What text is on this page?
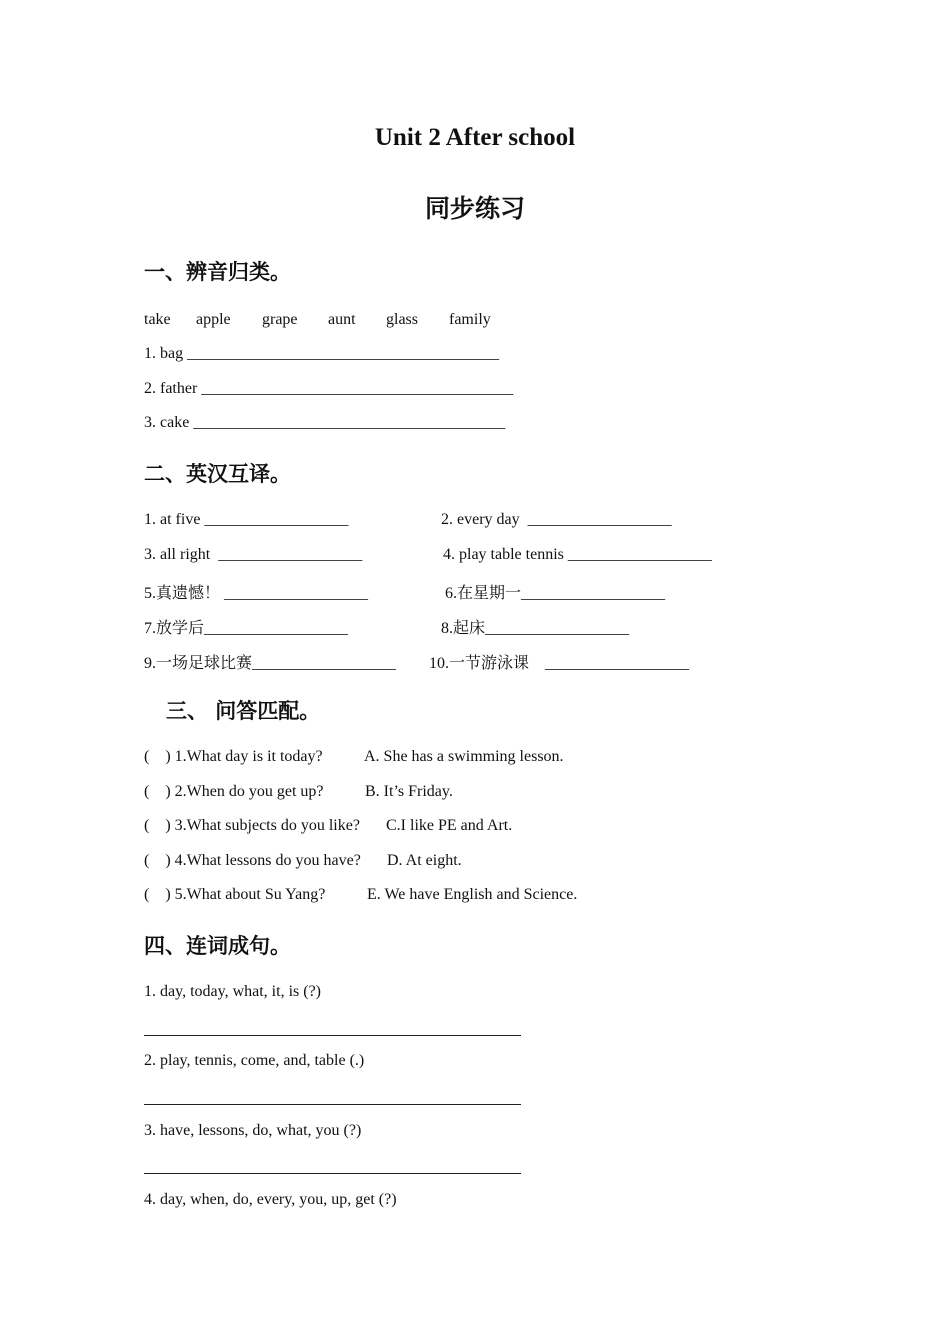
Unit 2 After school
同步练习
一、辨音归类。
take apple grape aunt glass family
1. bag _______________________________________
2. father _______________________________________
3. cake _______________________________________
二、英汉互译。
1. at five __________________	2. every day  __________________
3. all right  __________________	4. play table tennis __________________
5.真遗憾！ __________________	6.在星期一__________________
7.放学后__________________	8.起床__________________
9.一场足球比赛__________________ 10.一节游泳课    __________________
三、 问答匹配。
(    ) 1.What day is it today?	A. She has a swimming lesson.
(    ) 2.When do you get up?	B. It’s Friday.
(    ) 3.What subjects do you like? C.I like PE and Art.
(    ) 4.What lessons do you have? D. At eight.
(    ) 5.What about Su Yang?	E. We have English and Science.
四、连词成句。
1. day, today, what, it, is (?)
2. play, tennis, come, and, table (.)
3. have, lessons, do, what, you (?)
4. day, when, do, every, you, up, get (?)
